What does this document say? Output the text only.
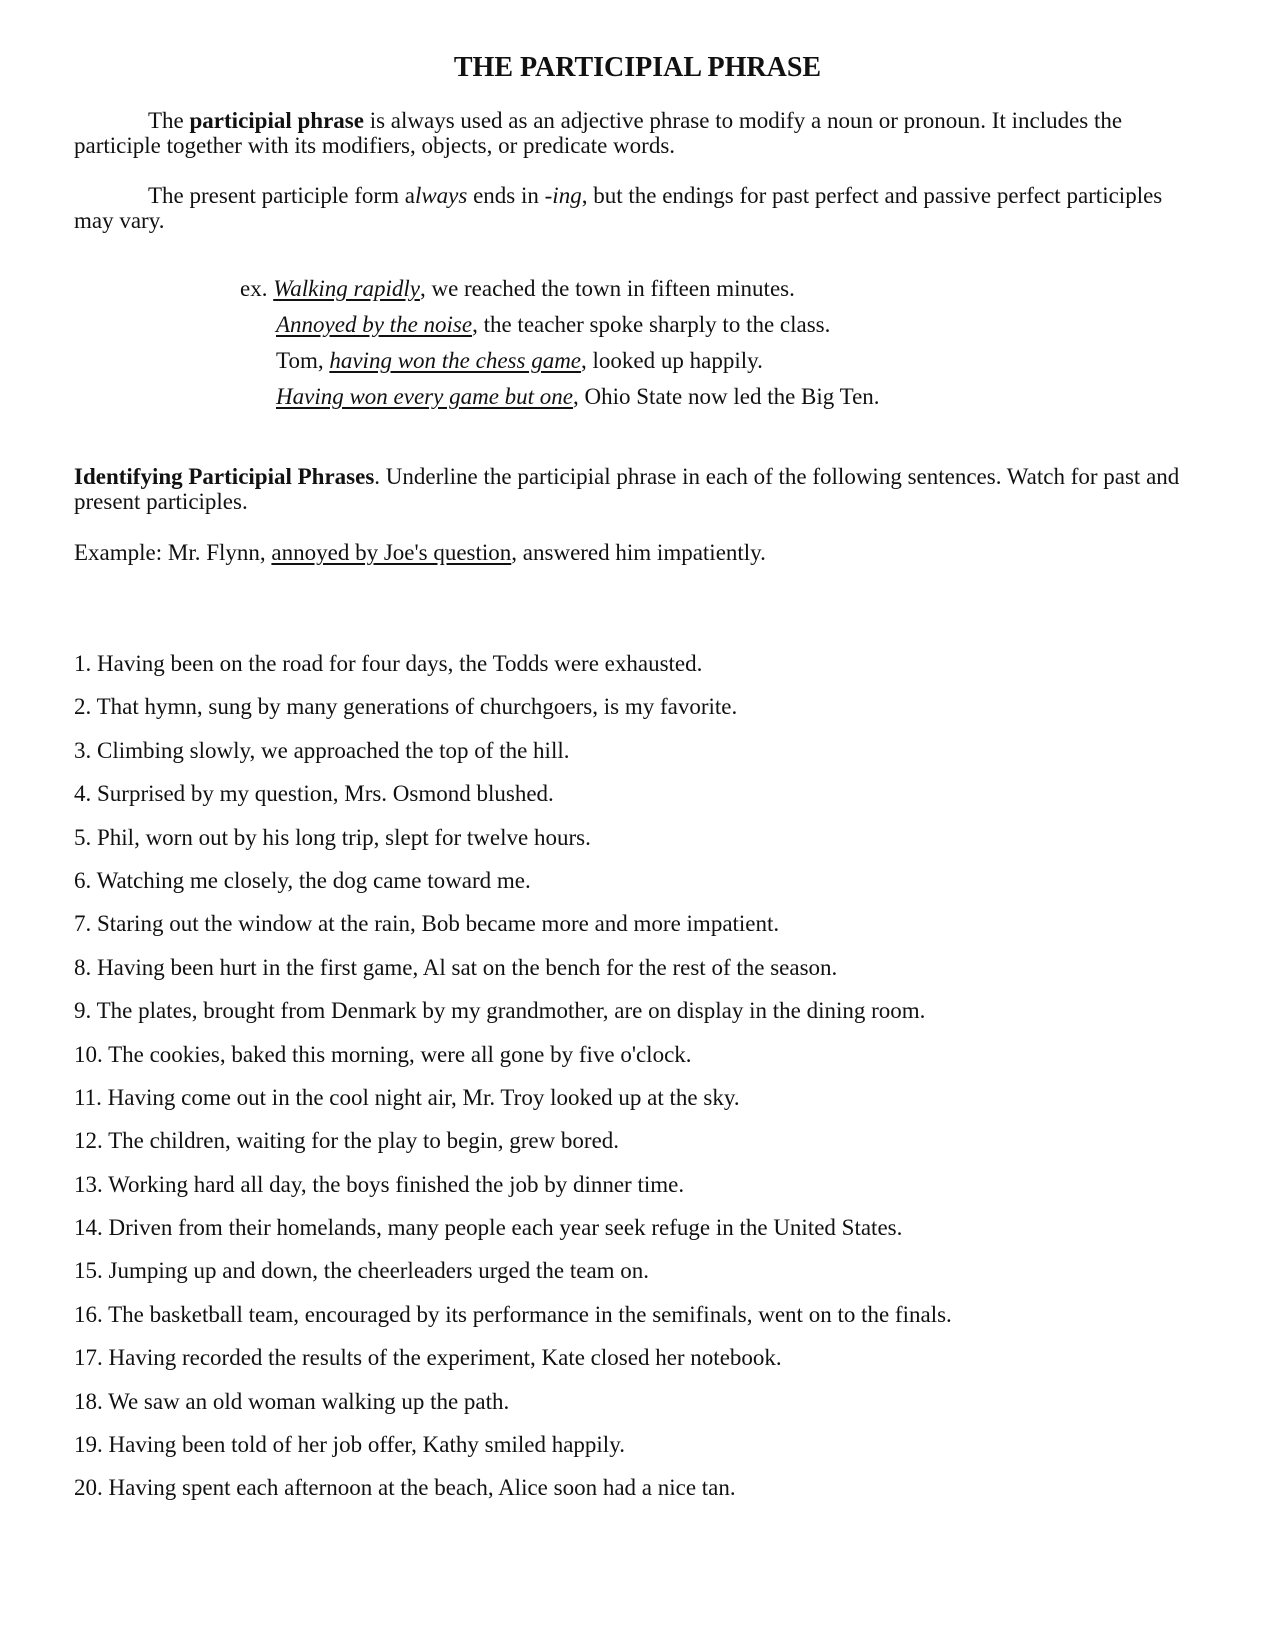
THE PARTICIPIAL PHRASE

The participial phrase is always used as an adjective phrase to modify a noun or pronoun. It includes the participle together with its modifiers, objects, or predicate words.

The present participle form always ends in -ing, but the endings for past perfect and passive perfect participles may vary.

ex. Walking rapidly, we reached the town in fifteen minutes.

Annoyed by the noise, the teacher spoke sharply to the class.

Tom, having won the chess game, looked up happily.

Having won every game but one, Ohio State now led the Big Ten.

Identifying Participial Phrases. Underline the participial phrase in each of the following sentences. Watch for past and present participles.

Example: Mr. Flynn, annoyed by Joe's question, answered him impatiently.

1. Having been on the road for four days, the Todds were exhausted.
2. That hymn, sung by many generations of churchgoers, is my favorite.
3. Climbing slowly, we approached the top of the hill.
4. Surprised by my question, Mrs. Osmond blushed.
5. Phil, worn out by his long trip, slept for twelve hours.
6. Watching me closely, the dog came toward me.
7. Staring out the window at the rain, Bob became more and more impatient.
8. Having been hurt in the first game, Al sat on the bench for the rest of the season.
9. The plates, brought from Denmark by my grandmother, are on display in the dining room.
10. The cookies, baked this morning, were all gone by five o'clock.
11. Having come out in the cool night air, Mr. Troy looked up at the sky.
12. The children, waiting for the play to begin, grew bored.
13. Working hard all day, the boys finished the job by dinner time.
14. Driven from their homelands, many people each year seek refuge in the United States.
15. Jumping up and down, the cheerleaders urged the team on.
16. The basketball team, encouraged by its performance in the semifinals, went on to the finals.
17. Having recorded the results of the experiment, Kate closed her notebook.
18. We saw an old woman walking up the path.
19. Having been told of her job offer, Kathy smiled happily.
20. Having spent each afternoon at the beach, Alice soon had a nice tan.
